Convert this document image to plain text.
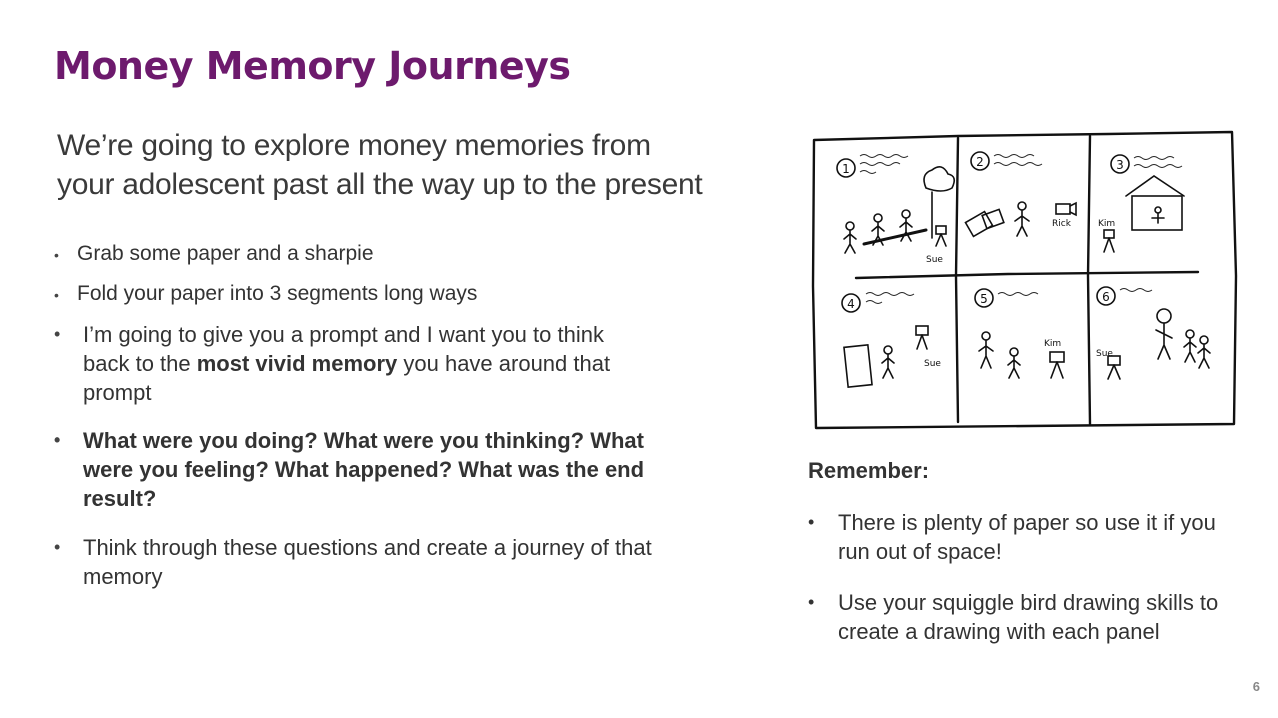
Money Memory Journeys
We’re going to explore money memories from
your adolescent past all the way up to the present
• Grab some paper and a sharpie
• Fold your paper into 3 segments long ways
• I’m going to give you a prompt and I want you to think back to the most vivid memory you have around that prompt
• What were you doing? What were you thinking? What were you feeling? What happened? What was the end result?
• Think through these questions and create a journey of that memory
1	2	3
4	5	6
Sue
Kim
Sue
Kim
Sue
Rick
Remember:
• There is plenty of paper so use it if you run out of space!
• Use your squiggle bird drawing skills to create a drawing with each panel
6
